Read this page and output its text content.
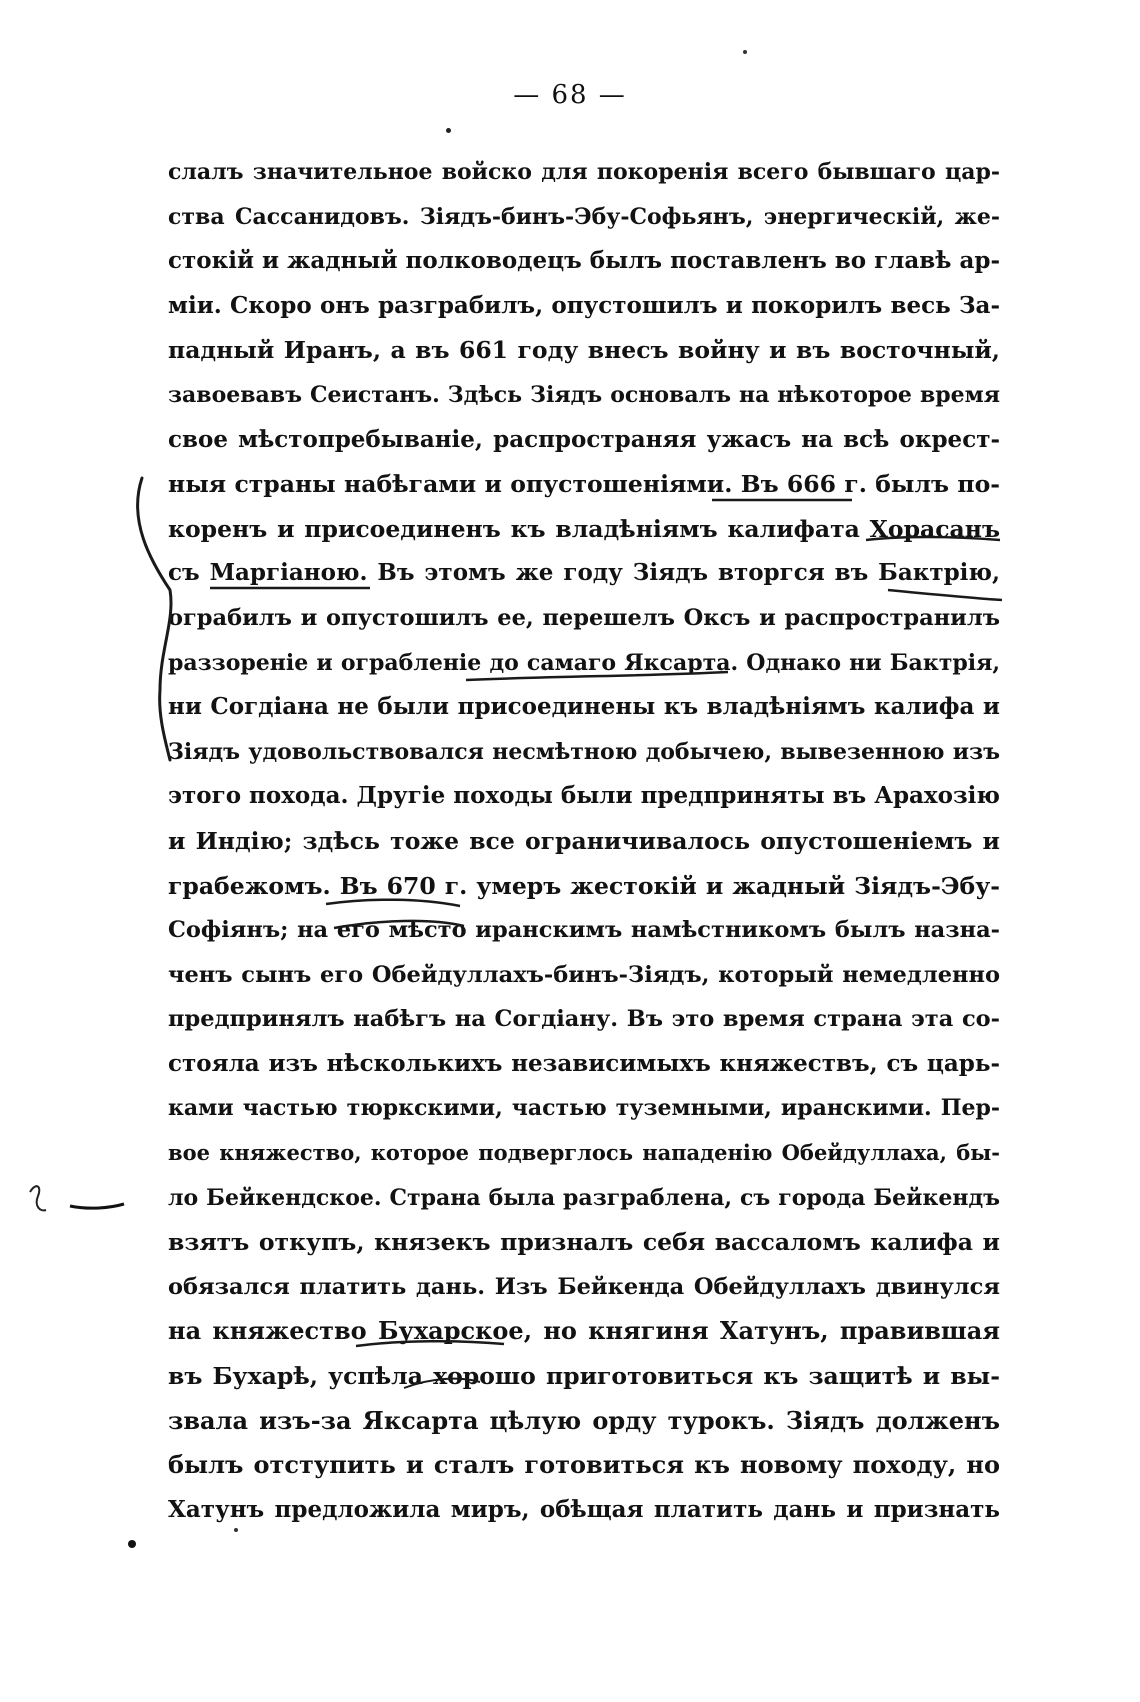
— 68 —
слалъ значительное войско для покоренія всего бывшаго цар-
ства Сассанидовъ. Зіядъ-бинъ-Эбу-Софьянъ, энергическій, же-
стокій и жадный полководецъ былъ поставленъ во главѣ ар-
міи. Скоро онъ разграбилъ, опустошилъ и покорилъ весь За-
падный Иранъ, а въ 661 году внесъ войну и въ восточный,
завоевавъ Сеистанъ. Здѣсь Зіядъ основалъ на нѣкоторое время
свое мѣстопребываніе, распространяя ужасъ на всѣ окрест-
ныя страны набѣгами и опустошеніями. Въ 666 г. былъ по-
коренъ и присоединенъ къ владѣніямъ калифата Хорасанъ
съ Маргіаною. Въ этомъ же году Зіядъ вторгся въ Бактрію,
ограбилъ и опустошилъ ее, перешелъ Оксъ и распространилъ
раззореніе и ограбленіе до самаго Яксарта. Однако ни Бактрія,
ни Согдіана не были присоединены къ владѣніямъ калифа и
Зіядъ удовольствовался несмѣтною добычею, вывезенною изъ
этого похода. Другіе походы были предприняты въ Арахозію
и Индію; здѣсь тоже все ограничивалось опустошеніемъ и
грабежомъ. Въ 670 г. умеръ жестокій и жадный Зіядъ-Эбу-
Софіянъ; на его мѣсто иранскимъ намѣстникомъ былъ назна-
ченъ сынъ его Обейдуллахъ-бинъ-Зіядъ, который немедленно
предпринялъ набѣгъ на Согдіану. Въ это время страна эта со-
стояла изъ нѣсколькихъ независимыхъ княжествъ, съ царь-
ками частью тюркскими, частью туземными, иранскими. Пер-
вое княжество, которое подверглось нападенію Обейдуллаха, бы-
ло Бейкендское. Страна была разграблена, съ города Бейкендъ
взятъ откупъ, князекъ призналъ себя вассаломъ калифа и
обязался платить дань. Изъ Бейкенда Обейдуллахъ двинулся
на княжество Бухарское, но княгиня Хатунъ, правившая
въ Бухарѣ, успѣла хорошо приготовиться къ защитѣ и вы-
звала изъ-за Яксарта цѣлую орду турокъ. Зіядъ долженъ
былъ отступить и сталъ готовиться къ новому походу, но
Хатунъ предложила миръ, обѣщая платить дань и признать
